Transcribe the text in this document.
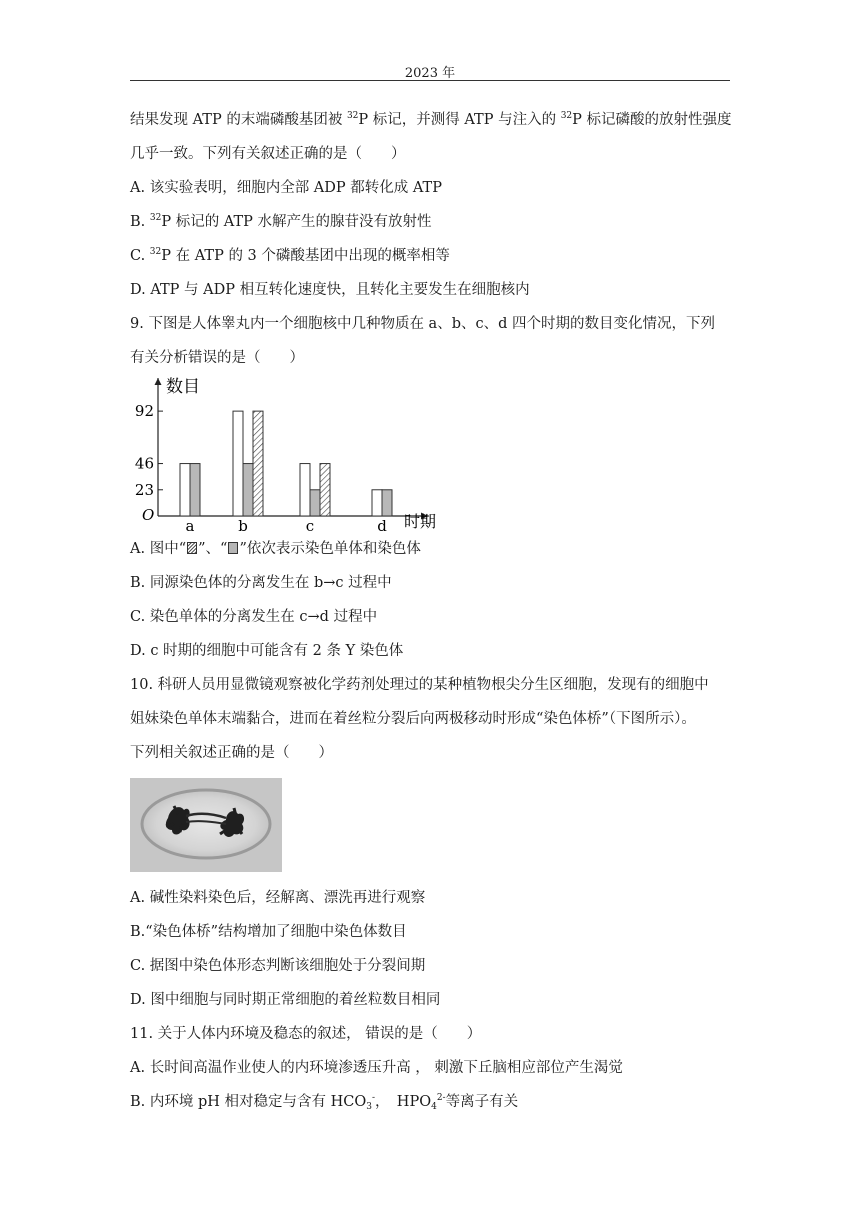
2023 年
结果发现 ATP 的末端磷酸基团被 $^{32}$P 标记，并测得 ATP 与注入的 $^{32}$P 标记磷酸的放射性强度
几乎一致。下列有关叙述正确的是（　　）
A. 该实验表明，细胞内全部 ADP 都转化成 ATP
B. $^{32}$P 标记的 ATP 水解产生的腺苷没有放射性
C. $^{32}$P 在 ATP 的 3 个磷酸基团中出现的概率相等
D. ATP 与 ADP 相互转化速度快，且转化主要发生在细胞核内
9. 下图是人体睾丸内一个细胞核中几种物质在 a、b、c、d 四个时期的数目变化情况，下列
有关分析错误的是（　　）
数目
时期
O
a	b	c	d
23
46
92
A. 图中“ ”、“ ”依次表示染色单体和染色体
B. 同源染色体的分离发生在 b→c 过程中
C. 染色单体的分离发生在 c→d 过程中
D. c 时期的细胞中可能含有 2 条 Y 染色体
10. 科研人员用显微镜观察被化学药剂处理过的某种植物根尖分生区细胞，发现有的细胞中
姐妹染色单体末端黏合，进而在着丝粒分裂后向两极移动时形成“染色体桥”（下图所示）。
下列相关叙述正确的是（　　）
A. 碱性染料染色后，经解离、漂洗再进行观察
B.“染色体桥”结构增加了细胞中染色体数目
C. 据图中染色体形态判断该细胞处于分裂间期
D. 图中细胞与同时期正常细胞的着丝粒数目相同
11. 关于人体内环境及稳态的叙述， 错误的是（　　）
A. 长时间高温作业使人的内环境渗透压升高 ， 刺激下丘脑相应部位产生渴觉
B. 内环境 pH 相对稳定与含有 $HCO_3^-$，　$HPO_4^{2-}$等离子有关
